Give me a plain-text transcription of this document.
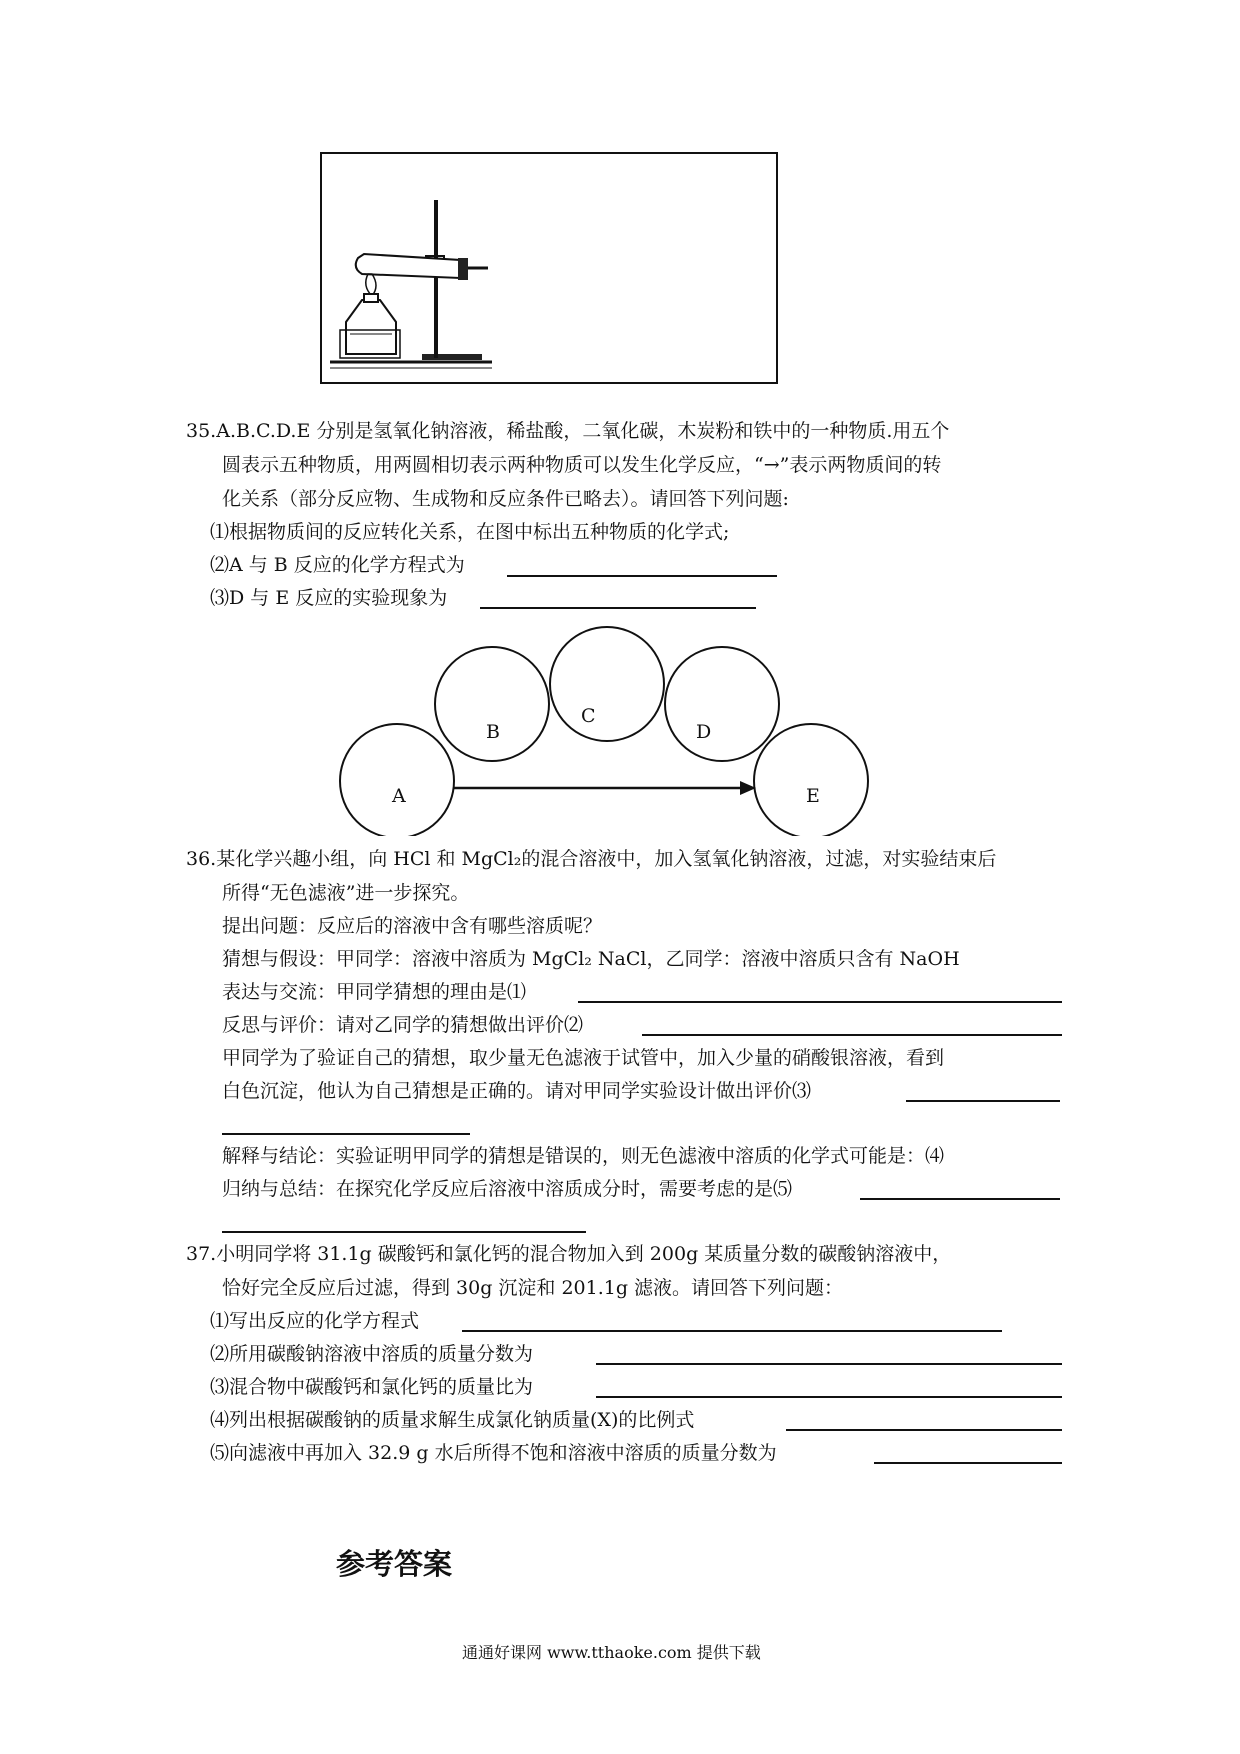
35.A.B.C.D.E 分别是氢氧化钠溶液，稀盐酸，二氧化碳，木炭粉和铁中的一种物质.用五个
圆表示五种物质，用两圆相切表示两种物质可以发生化学反应，“→”表示两物质间的转
化关系（部分反应物、生成物和反应条件已略去）。请回答下列问题:
⑴根据物质间的反应转化关系，在图中标出五种物质的化学式;
⑵A 与 B 反应的化学方程式为
⑶D 与 E 反应的实验现象为
A
B
C
D
E
36.某化学兴趣小组，向 HCl 和 MgCl₂的混合溶液中，加入氢氧化钠溶液，过滤，对实验结束后
所得“无色滤液”进一步探究。
提出问题：反应后的溶液中含有哪些溶质呢？
猜想与假设：甲同学：溶液中溶质为 MgCl₂ NaCl，乙同学：溶液中溶质只含有 NaOH
表达与交流：甲同学猜想的理由是⑴
反思与评价：请对乙同学的猜想做出评价⑵
甲同学为了验证自己的猜想，取少量无色滤液于试管中，加入少量的硝酸银溶液，看到
白色沉淀，他认为自己猜想是正确的。请对甲同学实验设计做出评价⑶
解释与结论：实验证明甲同学的猜想是错误的，则无色滤液中溶质的化学式可能是：⑷
归纳与总结：在探究化学反应后溶液中溶质成分时，需要考虑的是⑸
37.小明同学将 31.1g 碳酸钙和氯化钙的混合物加入到 200g 某质量分数的碳酸钠溶液中，
恰好完全反应后过滤，得到 30g 沉淀和 201.1g 滤液。请回答下列问题：
⑴写出反应的化学方程式
⑵所用碳酸钠溶液中溶质的质量分数为
⑶混合物中碳酸钙和氯化钙的质量比为
⑷列出根据碳酸钠的质量求解生成氯化钠质量(X)的比例式
⑸向滤液中再加入 32.9 g 水后所得不饱和溶液中溶质的质量分数为
参考答案
通通好课网 www.tthaoke.com 提供下载
